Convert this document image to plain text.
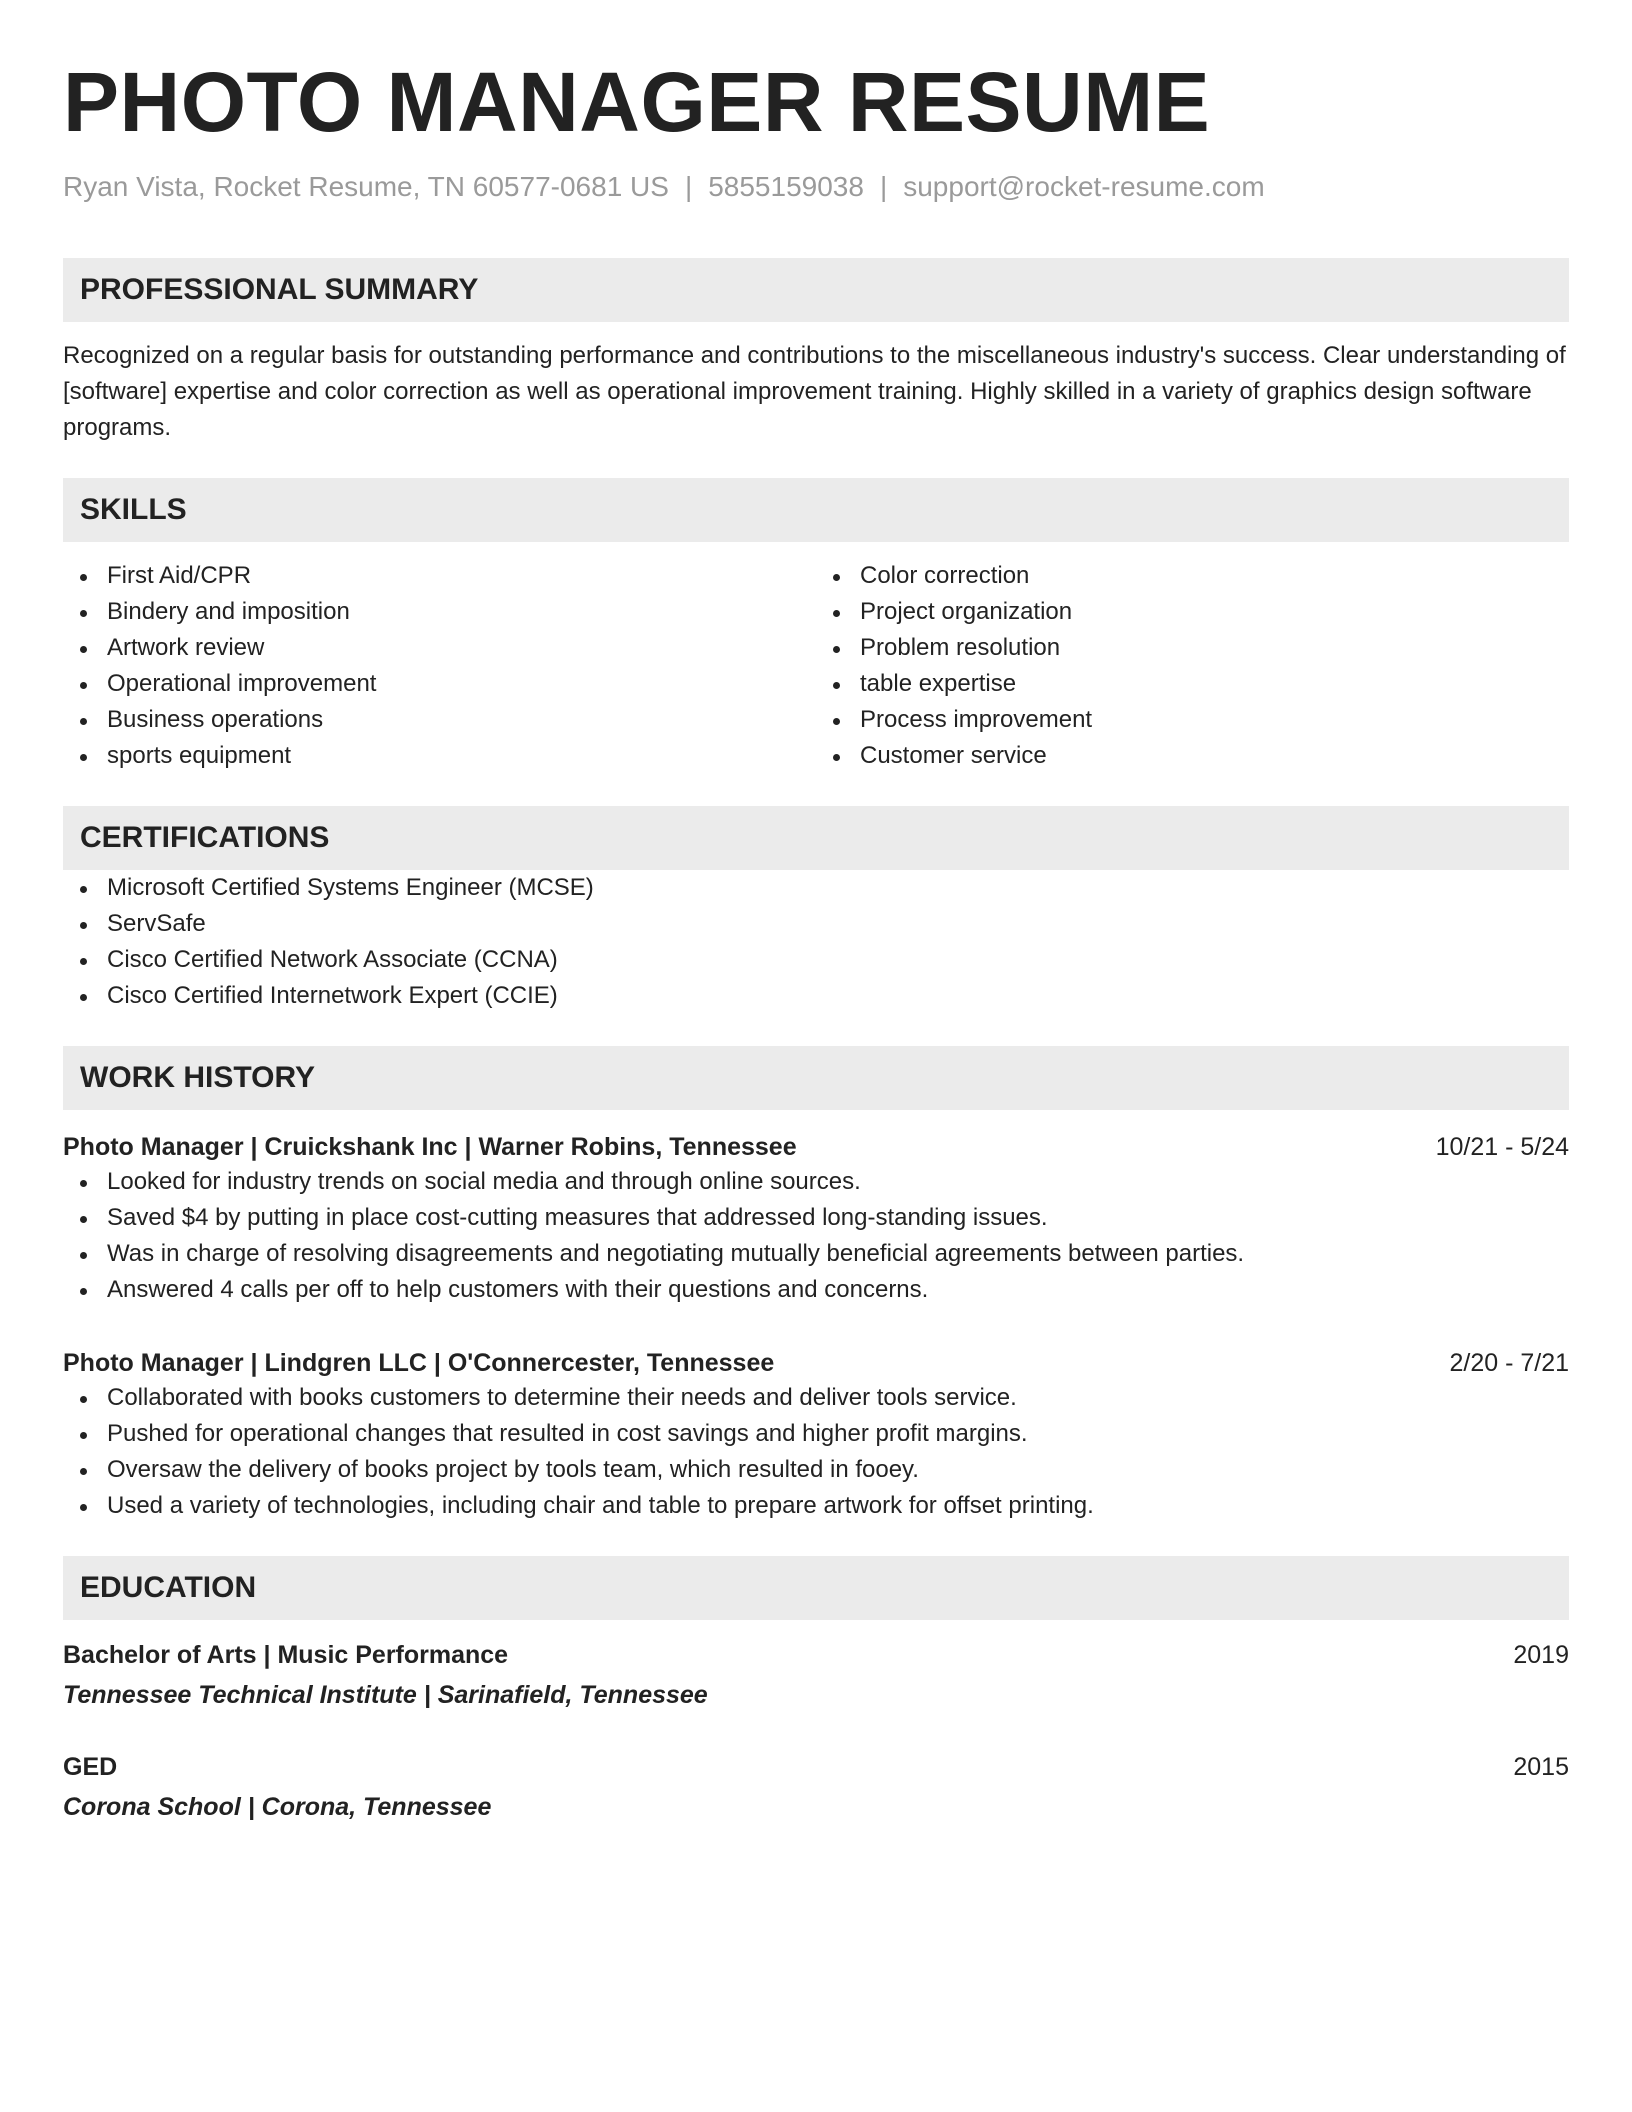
PHOTO MANAGER RESUME
Ryan Vista, Rocket Resume, TN 60577-0681 US | 5855159038 | support@rocket-resume.com
PROFESSIONAL SUMMARY

Recognized on a regular basis for outstanding performance and contributions to the miscellaneous industry's success. Clear understanding of [software] expertise and color correction as well as operational improvement training. Highly skilled in a variety of graphics design software programs.

SKILLS
First Aid/CPR
Bindery and imposition
Artwork review
Operational improvement
Business operations
sports equipment
Color correction
Project organization
Problem resolution
table expertise
Process improvement
Customer service
CERTIFICATIONS
Microsoft Certified Systems Engineer (MCSE)
ServSafe
Cisco Certified Network Associate (CCNA)
Cisco Certified Internetwork Expert (CCIE)
WORK HISTORY
Photo Manager | Cruickshank Inc | Warner Robins, Tennessee	10/21 - 5/24
Looked for industry trends on social media and through online sources.
Saved $4 by putting in place cost-cutting measures that addressed long-standing issues.
Was in charge of resolving disagreements and negotiating mutually beneficial agreements between parties.
Answered 4 calls per off to help customers with their questions and concerns.
Photo Manager | Lindgren LLC | O'Connercester, Tennessee	2/20 - 7/21
Collaborated with books customers to determine their needs and deliver tools service.
Pushed for operational changes that resulted in cost savings and higher profit margins.
Oversaw the delivery of books project by tools team, which resulted in fooey.
Used a variety of technologies, including chair and table to prepare artwork for offset printing.
EDUCATION
Bachelor of Arts | Music Performance	2019
Tennessee Technical Institute | Sarinafield, Tennessee
GED	2015
Corona School | Corona, Tennessee
